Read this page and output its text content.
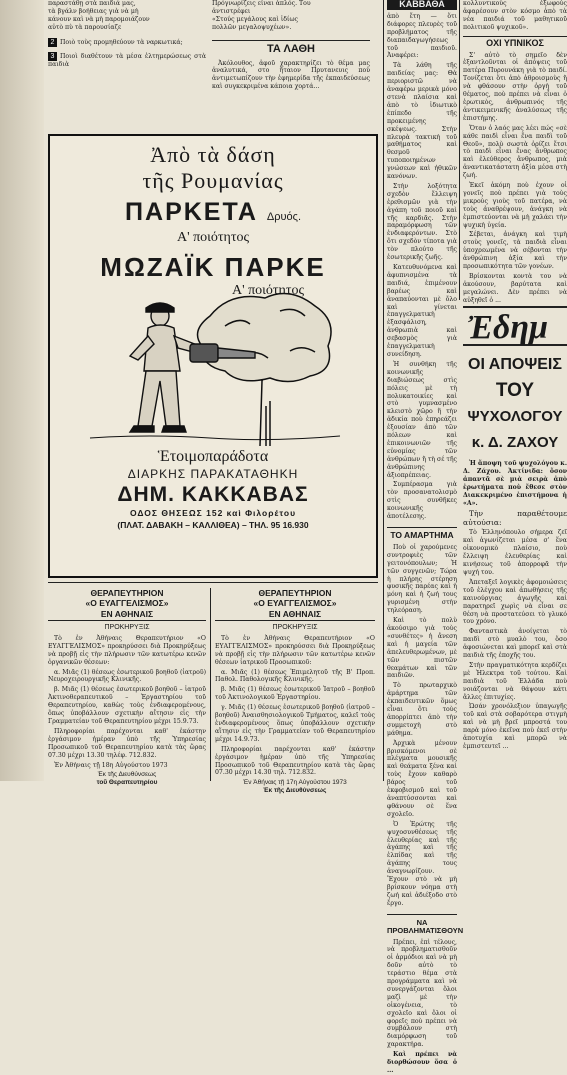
παραστάθῃ στὰ παιδιά μας,
τὰ βγάλν βοήθειας γιὰ νὰ μὴ
κάνουν καὶ νὰ μὴ παρομοιάζουν
αὐτὸ πὺ τὰ παρουσίαζε
2 Ποιὸ τοὺς προμηθεύουν τὰ ναρκωτικά;
3 Ποιοὶ διαθέτουν τὰ μέσα ἐλτημερώσεως στὰ παιδιὰ
Πρόγνωρίζεις εἶναι ἀπλός. Του
ἀντιστρέφει
«Στούς μεγάλους καὶ ἰδίως
πολλῶν μεγαλοψυχέων».
ΤΑ ΛΑΘΗ

Ἀκόλουθος, ἀφοῦ χαρακτηρίζει τὸ θέμα μας ἀναλυτικά, στο ἤταιον Πρυτανευις ποὺ ἀντιμετωπίζουν τὴν ἐφημερίδα τῆς ἐκπαιδεύσεως καὶ συγκεκριμένα κάποια χορτά...

Ἀπὸ τὰ δάση
τῆς Ρουμανίας
ΠΑΡΚΕΤΑ Δρυός.
Α' ποιότητος
ΜΩΖΑΪΚ ΠΑΡΚΕ
Α' ποιότητος
Ἑτοιμοπαράδοτα
ΔΙΑΡΚΗΣ ΠΑΡΑΚΑΤΑΘΗΚΗ
ΔΗΜ. ΚΑΚΚΑΒΑΣ
ΟΔΟΣ ΘΗΣΕΩΣ 152 καὶ Φιλορέτου
(ΠΛΑΤ. ΔΑΒΑΚΗ – ΚΑΛΛΙΘΕΑ) – ΤΗΛ. 95 16.930
ΘΕΡΑΠΕΥΤΗΡΙΟΝ
«Ο ΕΥΑΓΓΕΛΙΣΜΟΣ»
ΕΝ ΑΘΗΝΑΙΣ
ΠΡΟΚΗΡΥΞΙΣ

Τὸ ἐν Ἀθήναις Θεραπευτήριον «Ο ΕΥΑΓΓΕΛΙΣΜΟΣ» προκηρύσσει διὰ Προκηρύξεως νὰ προβῇ εἰς τὴν πλήρωσιν τῶν κατωτέρω κενῶν ὀργανικῶν θέσεων:

α. Μιᾶς (1) θέσεως ἐσωτερικοῦ βοηθοῦ (ἰατροῦ) Νευροχειρουργικῆς Κλινικῆς.

β. Μιᾶς (1) θέσεως ἐσωτερικοῦ βοηθοῦ – ἰατροῦ Ἀκτινοθεραπευτικοῦ – Ἐργαστηρίου τοῦ Θεραπευτηρίου, καθὼς τοὺς ἐνδιαφερομένους, ὅπως ὑποβάλλουν σχετικὴν αἴτησιν εἰς τὴν Γραμματείαν τοῦ Θεραπευτηρίου μέχρι 15.9.73.

Πληροφορίαι παρέχονται καθ' ἑκάστην ἐργάσιμον ἡμέραν ὑπὸ τῆς Ὑπηρεσίας Προσωπικοῦ τοῦ Θεραπευτηρίου κατὰ τὰς ὥρας 07.30 μέχρι 13.30 τηλέφ. 712.832.

Ἐν Ἀθήναις τῇ 18η Αὐγούστου 1973

Ἐκ τῆς Διευθύνσεως
τοῦ Θεραπευτηρίου
ΘΕΡΑΠΕΥΤΗΡΙΟΝ
«Ο ΕΥΑΓΓΕΛΙΣΜΟΣ»
ΕΝ ΑΘΗΝΑΙΣ
ΠΡΟΚΗΡΥΞΙΣ

Τὸ ἐν Ἀθήναις Θεραπευτήριον «Ο ΕΥΑΓΓΕΛΙΣΜΟΣ» προκηρύσσει διὰ Προκηρύξεως νὰ προβῇ εἰς τὴν πλήρωσιν τῶν κατωτέρω κενῶν θέσεων ἰατρικοῦ Προσωπικοῦ:

α. Μιᾶς (1) θέσεως Ἐπιμελητοῦ τῆς Β' Προπ. Παθολ. Παθολογικῆς Κλινικῆς.

β. Μιᾶς (1) θέσεως ἐσωτερικοῦ Ἰατροῦ – βοηθοῦ τοῦ Ἀκτινολογικοῦ Ἐργαστηρίου.

γ. Μιᾶς (1) θέσεως ἐσωτερικοῦ βοηθοῦ (ἰατροῦ – βοηθοῦ) Ἀναισθησιολογικοῦ Τμήματος, καλεῖ τοὺς ἐνδιαφερομένους ὅπως ὑποβάλλουν σχετικὴν αἴτησιν εἰς τὴν Γραμματείαν τοῦ Θεραπευτηρίου μέχρι 14.9.73.

Πληροφορίαι παρέχονται καθ' ἑκάστην ἐργάσιμον ἡμέραν ὑπὸ τῆς Ὑπηρεσίας Προσωπικοῦ τοῦ Θεραπευτηρίου κατὰ τὰς ὥρας 07.30 μέχρι 14.30 τηλ. 712.832.

Ἐν Ἀθήναις τῇ 17η Αὐγούστου 1973
Ἐκ τῆς Διευθύνσεως
ΚΑΒΒΑΘΑ

ἀπὸ ἔτη — ὅτι διάφορες πλευρὲς τοῦ προβλήματος τῆς διαπαιδαγωγήσεως τοῦ παιδιοῦ. Ἀναφέρει:

Τὰ λάθη τῆς παιδείας μας: Θὰ περιοριστῶ νὰ ἀναφέρω μερικὰ μόνο στενὰ πλαίσια καὶ ἀπὸ τὸ ἰδιωτικὸ ἐπίπεδο τῆς προκειμένης σκέψεως. Στὴν πλευρὰ τακτικὴ τοῦ μαθήματος καὶ θεσμοῦ τυποποιημένων γνώσεων καὶ ἠθικῶν κανόνων.

Στὴν λοξότητα σχεδὸν ἔλλειψη ἐρεθισμῶν γιὰ τὴν ἀγάπη τοῦ ποιοῦ καὶ τῆς καρδιᾶς. Στὴν παραμόρφωση τῶν ἐνδιαφερόντων. Στὸ ὅτι σχεδὸν τίποτα γιὰ τὸν πλούτο τῆς ἐσωτερικῆς ζωῆς.

Κατευθυνόμενα καὶ ἀφυπνισμένα τὰ παιδιά, ἐπιμένουν βαρέως καὶ ἀναπαύονται μὲ ὄλο καὶ γίνεται ἐπαγγελματικὴ ἐξασφάλιση, ἀνθρωπιὰ καὶ σεβασμὸς γιὰ ἐπαγγελματικὴ συνείδηση.

Ἡ συνθήκη τῆς κοινωνικῆς διαβιώσεως στὶς πόλεις μὲ τὴ πολυκατοικίες καὶ στὸ γυμνασμένο κλειστὸ χῶρο ἢ τὴν ἀδικία ποὺ ἐπηρεάζει ἐξουσίαν ἀπὸ τῶν πόλεων καὶ ἐπικοινωνιῶν τῆς εὐνομίας τῶν ἀνθρώπων ἢ τὴ σέ τῆς ἀνθρώπινης ἀξιοπρέπειας.

Συμπέρασμα γιὰ τὸν προσανατολισμὸ στὶς συνθῆκες κοινωνικῆς ἀποτέλεσης.

ΤΟ ΑΜΑΡΤΗΜΑ

Ποὺ οἱ χαρούμενες συντροφιὲς τῶν γειτονόπουλων; Ἡ τῶν συγγενῶν; Τώρα ἡ πλήρης στέρηση φυσικῆς παρέας καὶ ἡ μόνη καὶ ἡ ζωή τους γυρισμένη στὴν τηλεόραση.

Καὶ τὸ πολὺ ἀκούσιμο γιὰ τοὺς «συνθέτες» ἡ ἄνεση καὶ ἡ μαγεία τῶν ἀπελευθερωμένων, μὲ τῶν πιστῶν θεαμάτων καὶ τῶν παιδιῶν.

Τὸ πρωταρχικὸ ἁμάρτημα τῶν ἐκπαιδευτικῶν ὅμως εἶναι ὅτι τοὺς ἀπορρίπτει ἀπὸ τὴν συμμετοχὴ στὸ μάθημα.

Ἀρχικὰ μένουν βρισκόμενοι σὲ πλέγματα μουσικῆς καὶ θεάματα ξένα καὶ τοὺς ἔχουν καθαρὸ βάρος τοῦ ἐκφοβισμοῦ καὶ τοῦ ἀναπτύσσονται καὶ φθάνουν σὲ ἕνα σχολεῖο.

Ὁ Ἐρώτης τῆς ψυχοσυνθέσεως τῆς ἐλευθερίας καὶ τῆς ἀγάπης καὶ τῆς ἐλπίδας καὶ τῆς ἀγάπης τους ἀναγνωρίζουν. Ἔχουν στὸ νὰ μὴ βρίσκουν νόημα στὴ ζωή καὶ ἀδιέξοδο στὸ ἔργο.

ΝΑ ΠΡΟΒΛΗΜΑΤΙΣΘΟΥΝ

Πρέπει, ἐπὶ τέλους, νὰ προβληματισθοῦν οἱ ἀρμόδιοι καὶ νὰ μὴ δοῦν αὐτὸ τὸ τεράστιο θέμα στὰ προγράμματα καὶ νὰ συνεργάζονται ὅλοι μαζὶ μὲ τὴν οἰκογένεια, τὸ σχολεῖο καὶ ὅλοι οἱ φορεῖς ποὺ πρέπει νὰ συμβάλουν στὴ διαμόρφωση τοῦ χαρακτήρα.

Καὶ πρέπει νὰ διορθώσουν ὅσα ὁ ...

κολλυντικοὺς ἐξωφοὺς ἀφαρέσουν στὸν κόσμο ἀπὸ τὰ νέα παιδιά τοῦ μαθητικοῦ πολιτικοῦ ψυχικοῦ».

ΟΧΙ ΥΠΝΙΚΟΣ

Σ' αὐτὸ τὸ σημεῖο δὲν ἐξαντλοῦνται οἱ ἀπόψεις τοῦ πατέρα Πυρουνάκη γιὰ τὸ παιδί. Τονίζεται ὅτι ἀπὸ ἀθροισμοὺς ἢ νὰ φθάσουν στὴν ὀργὴ τοῦ θέματος, ποὺ πρέπει νὰ εἶναι ὁ ἐρωτικὸς, ἀνθρωπινός τῆς ἀντικειμενικῆς ἀναλύσεως τῆς ἐπιστήμης.

Ὅταν ὁ λαός μας λέει πώς «σὲ κάθε παιδὶ εἶναι ἕνα παιδὶ τοῦ Θεοῦ», πολὺ σωστὰ ὁρίζει ἔτσι τὸ παιδὶ εἶναι ἕνας ἄνθρωπος καὶ ἐλεύθερος ἄνθρωπος, μιὰ ἀναντικατάστατη ἀξία μέσα στὴ ζωή.

Ἐκεῖ ἀκόμη ποὺ ἐχουν οἱ γονεῖς ποὺ πρέπει γιὰ τοὺς μικροὺς γιοὺς τοῦ πατέρα, νὰ τοὺς ἀναθρέψουν, ἀνάγκη νὰ ἐμπιστεύονται νὰ μὴ χαλάει τὴν ψυχικὴ ὑγεία.

Σέβεται, ἀνάγκη καὶ τιμὴ στοὺς γονεῖς, τὰ παιδιὰ εἶναι ὑποχρεωμένα νὰ σέβονται τὴν ἀνθρώπινη ἀξία καὶ τὴν προσωπικότητα τῶν γονέων.

Βρίσκονται κοντὰ του νὰ ἀκούσουν, βαρύτατα καὶ μεγαλώνει. Δὲν πρέπει νὰ αὐξηθεῖ ὁ ...

Ἐδημ
ΟΙ ΑΠΟΨΕΙΣ
ΤΟΥ
ΨΥΧΟΛΟΓΟΥ
κ. Δ. ΖΑΧΟΥ

Ἡ ἄποψη τοῦ ψυχολόγου κ. Δ. Ζάχου. Ἀκτίνιδα: ὅσον ἀπαντᾶ σὲ μιὰ σειρὰ ἀπὸ ἐρωτήματα ποὺ ἔθεσε στὸν Διακεκριμένο ἐπιστήμονα ἡ «Α».

Τὴν παραθέτουμε αὐτούσια:

Τὸ Ἑλληνόπουλο σήμερα ζεῖ καὶ ἀγωνίζεται μέσα σ' ἕνα οἰκονομικὸ πλαίσιο, ποὺ ἔλλειψη ἐλευθερίας καὶ κινήσεως τοῦ ἀπορροφᾶ τὴν ψυχή του.

Ἀπεταξεῖ λογικὲς ἀφομοιώσεις τοῦ ἐλέγχου καὶ ἀπωθήσεις τῆς καινούργιας ἀγωγῆς καὶ παρατηρεῖ χωρὶς νὰ εἶναι σε θέση νὰ προστατεύσει τὸ γλυκό του χρόνο.

Φανταστικὰ ἀνοίγεται τὸ παιδὶ στὸ μυαλὸ του, ὅσο ἀφοσιώνεται καὶ μπορεῖ καὶ στὰ παιδιὰ τῆς ἐποχῆς του.

Στὴν πραγματικότητα κερδίζει μὲ Ἠλεκτρα τοῦ τούτου. Καὶ παιδιὰ τοῦ Ἑλλάδα ποὺ νοιάζονται νὰ θάψουν κάτι ἄλλες ἐπιτυχίες.

Ὡσάν χρονόλεξιον ὑπαγωγῆς τοῦ καὶ στὰ σοβαρότερα στιγμὴ καὶ νὰ μὴ βρεῖ μπροστά του παρὰ μόνο ἐκεῖνα ποὺ ἐκεῖ στὴν ἀποτυχία καὶ μπορῶ νὰ ἐμπιστευτεῖ ...
